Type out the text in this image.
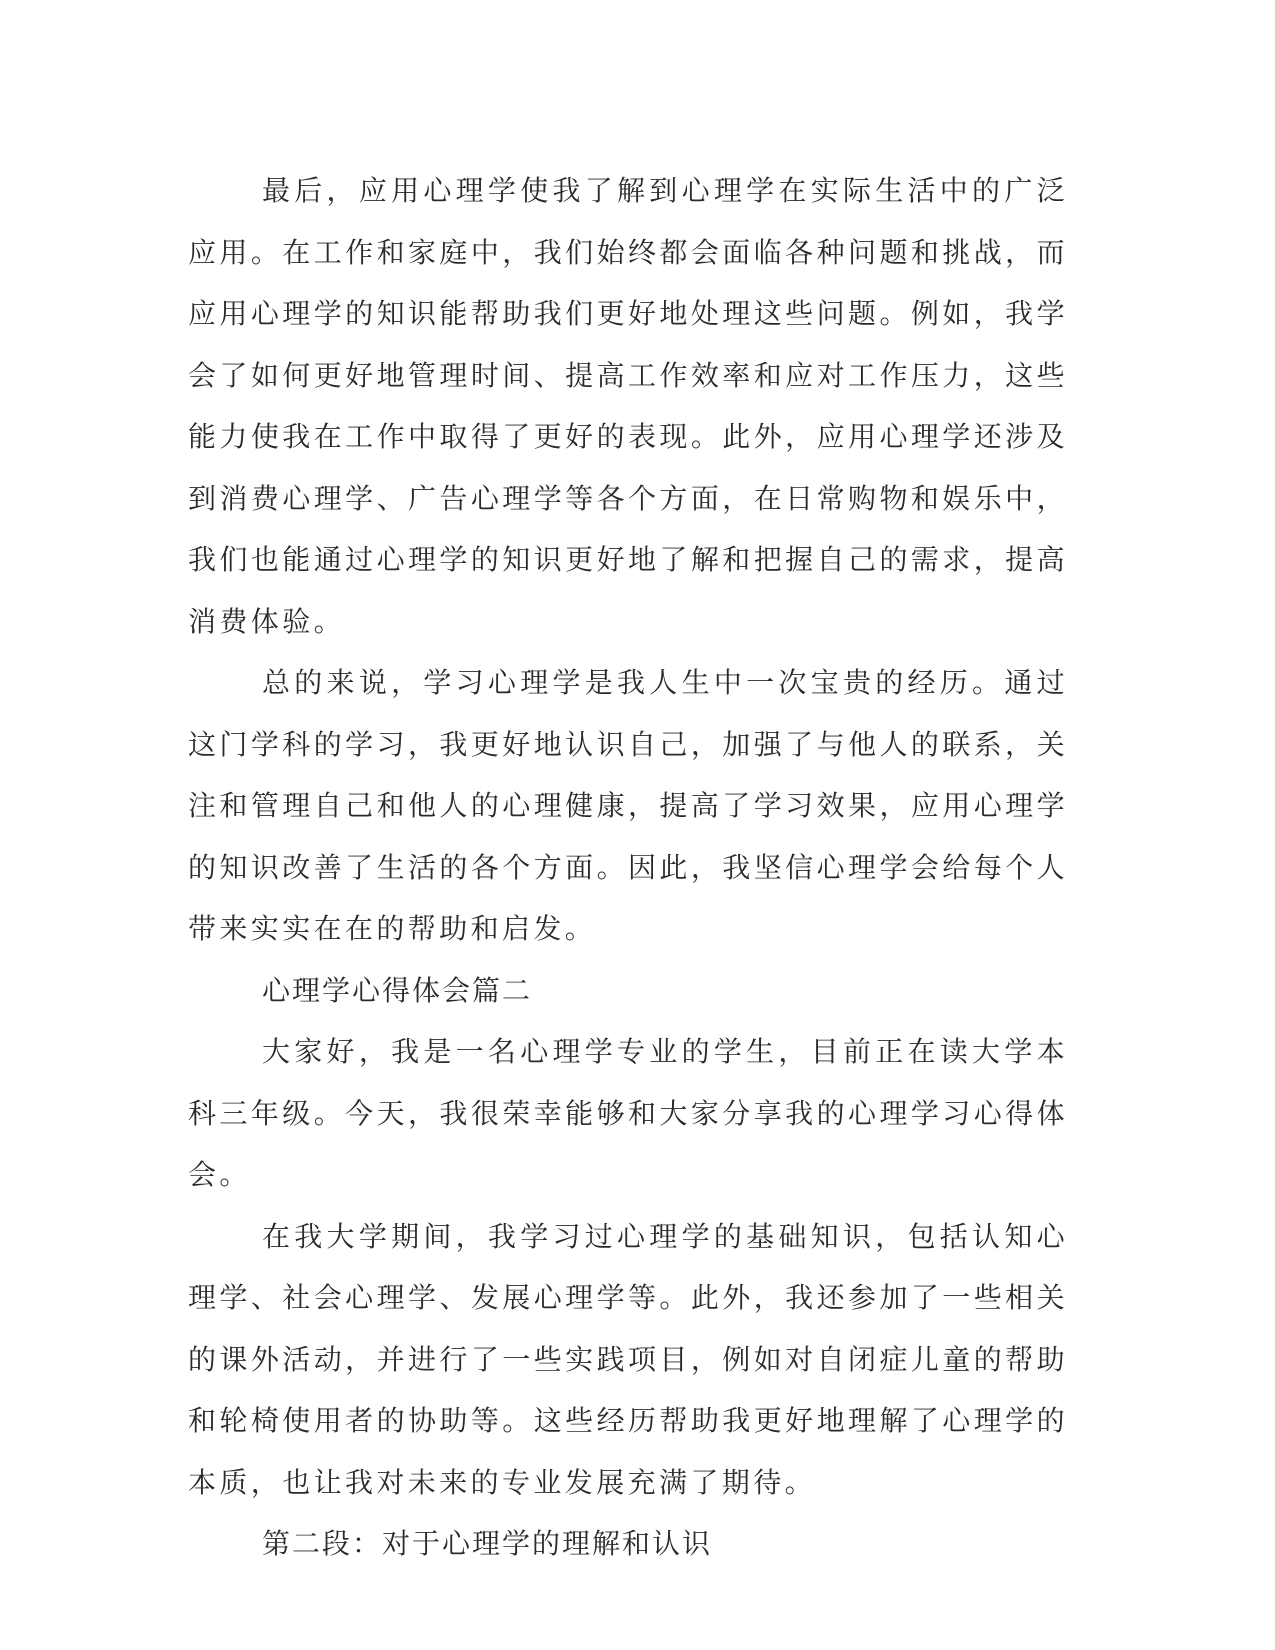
最后，应用心理学使我了解到心理学在实际生活中的广泛应用。在工作和家庭中，我们始终都会面临各种问题和挑战，而应用心理学的知识能帮助我们更好地处理这些问题。例如，我学会了如何更好地管理时间、提高工作效率和应对工作压力，这些能力使我在工作中取得了更好的表现。此外，应用心理学还涉及到消费心理学、广告心理学等各个方面，在日常购物和娱乐中，我们也能通过心理学的知识更好地了解和把握自己的需求，提高消费体验。

总的来说，学习心理学是我人生中一次宝贵的经历。通过这门学科的学习，我更好地认识自己，加强了与他人的联系，关注和管理自己和他人的心理健康，提高了学习效果，应用心理学的知识改善了生活的各个方面。因此，我坚信心理学会给每个人带来实实在在的帮助和启发。

心理学心得体会篇二

大家好，我是一名心理学专业的学生，目前正在读大学本科三年级。今天，我很荣幸能够和大家分享我的心理学习心得体会。

在我大学期间，我学习过心理学的基础知识，包括认知心理学、社会心理学、发展心理学等。此外，我还参加了一些相关的课外活动，并进行了一些实践项目，例如对自闭症儿童的帮助和轮椅使用者的协助等。这些经历帮助我更好地理解了心理学的本质，也让我对未来的专业发展充满了期待。

第二段：对于心理学的理解和认识
